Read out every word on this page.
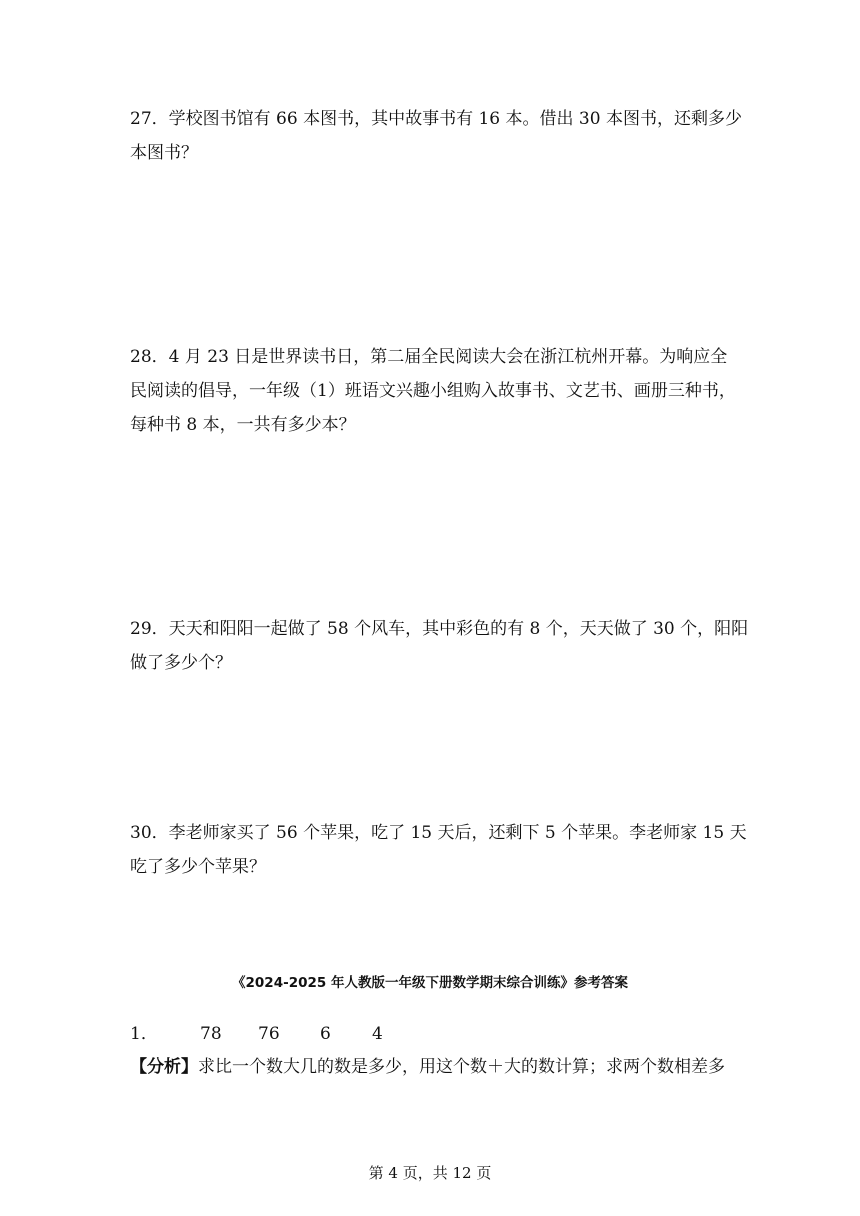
27．学校图书馆有 66 本图书，其中故事书有 16 本。借出 30 本图书，还剩多少
本图书？
28．4 月 23 日是世界读书日，第二届全民阅读大会在浙江杭州开幕。为响应全
民阅读的倡导，一年级（1）班语文兴趣小组购入故事书、文艺书、画册三种书，
每种书 8 本，一共有多少本？
29．天天和阳阳一起做了 58 个风车，其中彩色的有 8 个，天天做了 30 个，阳阳
做了多少个？
30．李老师家买了 56 个苹果，吃了 15 天后，还剩下 5 个苹果。李老师家 15 天
吃了多少个苹果？
《2024-2025 年人教版一年级下册数学期末综合训练》参考答案
1． 78 76 6 4
【分析】求比一个数大几的数是多少，用这个数＋大的数计算；求两个数相差多
第 4 页，共 12 页
